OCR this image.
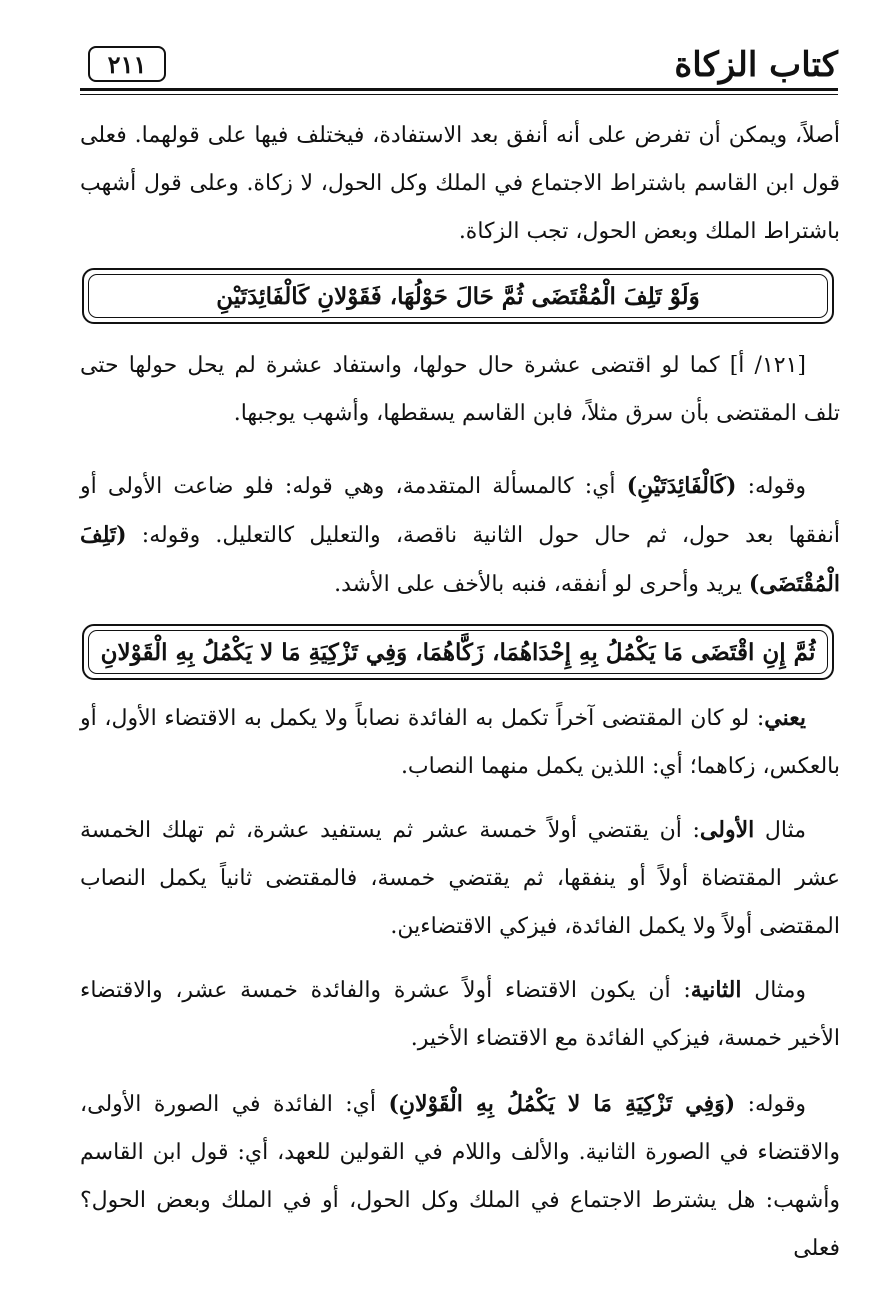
كتاب الزكاة
٢١١

أصلاً، ويمكن أن تفرض على أنه أنفق بعد الاستفادة، فيختلف فيها على قولهما. فعلى قول ابن القاسم باشتراط الاجتماع في الملك وكل الحول، لا زكاة. وعلى قول أشهب باشتراط الملك وبعض الحول، تجب الزكاة.

وَلَوْ تَلِفَ الْمُقْتَضَى ثُمَّ حَالَ حَوْلُهَا، فَقَوْلانِ كَالْفَائِدَتَيْنِ

[١٢١/ أ] كما لو اقتضى عشرة حال حولها، واستفاد عشرة لم يحل حولها حتى تلف المقتضى بأن سرق مثلاً، فابن القاسم يسقطها، وأشهب يوجبها.

وقوله: (كَالْفَائِدَتَيْنِ) أي: كالمسألة المتقدمة، وهي قوله: فلو ضاعت الأولى أو أنفقها بعد حول، ثم حال حول الثانية ناقصة، والتعليل كالتعليل. وقوله: (تَلِفَ الْمُقْتَضَى) يريد وأحرى لو أنفقه، فنبه بالأخف على الأشد.

ثُمَّ إِنِ اقْتَضَى مَا يَكْمُلُ بِهِ إِحْدَاهُمَا، زَكَّاهُمَا، وَفِي تَزْكِيَةِ مَا لا يَكْمُلُ بِهِ الْقَوْلانِ

يعني: لو كان المقتضى آخراً تكمل به الفائدة نصاباً ولا يكمل به الاقتضاء الأول، أو بالعكس، زكاهما؛ أي: اللذين يكمل منهما النصاب.

مثال الأولى: أن يقتضي أولاً خمسة عشر ثم يستفيد عشرة، ثم تهلك الخمسة عشر المقتضاة أولاً أو ينفقها، ثم يقتضي خمسة، فالمقتضى ثانياً يكمل النصاب المقتضى أولاً ولا يكمل الفائدة، فيزكي الاقتضاءين.

ومثال الثانية: أن يكون الاقتضاء أولاً عشرة والفائدة خمسة عشر، والاقتضاء الأخير خمسة، فيزكي الفائدة مع الاقتضاء الأخير.

وقوله: (وَفِي تَزْكِيَةِ مَا لا يَكْمُلُ بِهِ الْقَوْلانِ) أي: الفائدة في الصورة الأولى، والاقتضاء في الصورة الثانية. والألف واللام في القولين للعهد، أي: قول ابن القاسم وأشهب: هل يشترط الاجتماع في الملك وكل الحول، أو في الملك وبعض الحول؟ فعلى
